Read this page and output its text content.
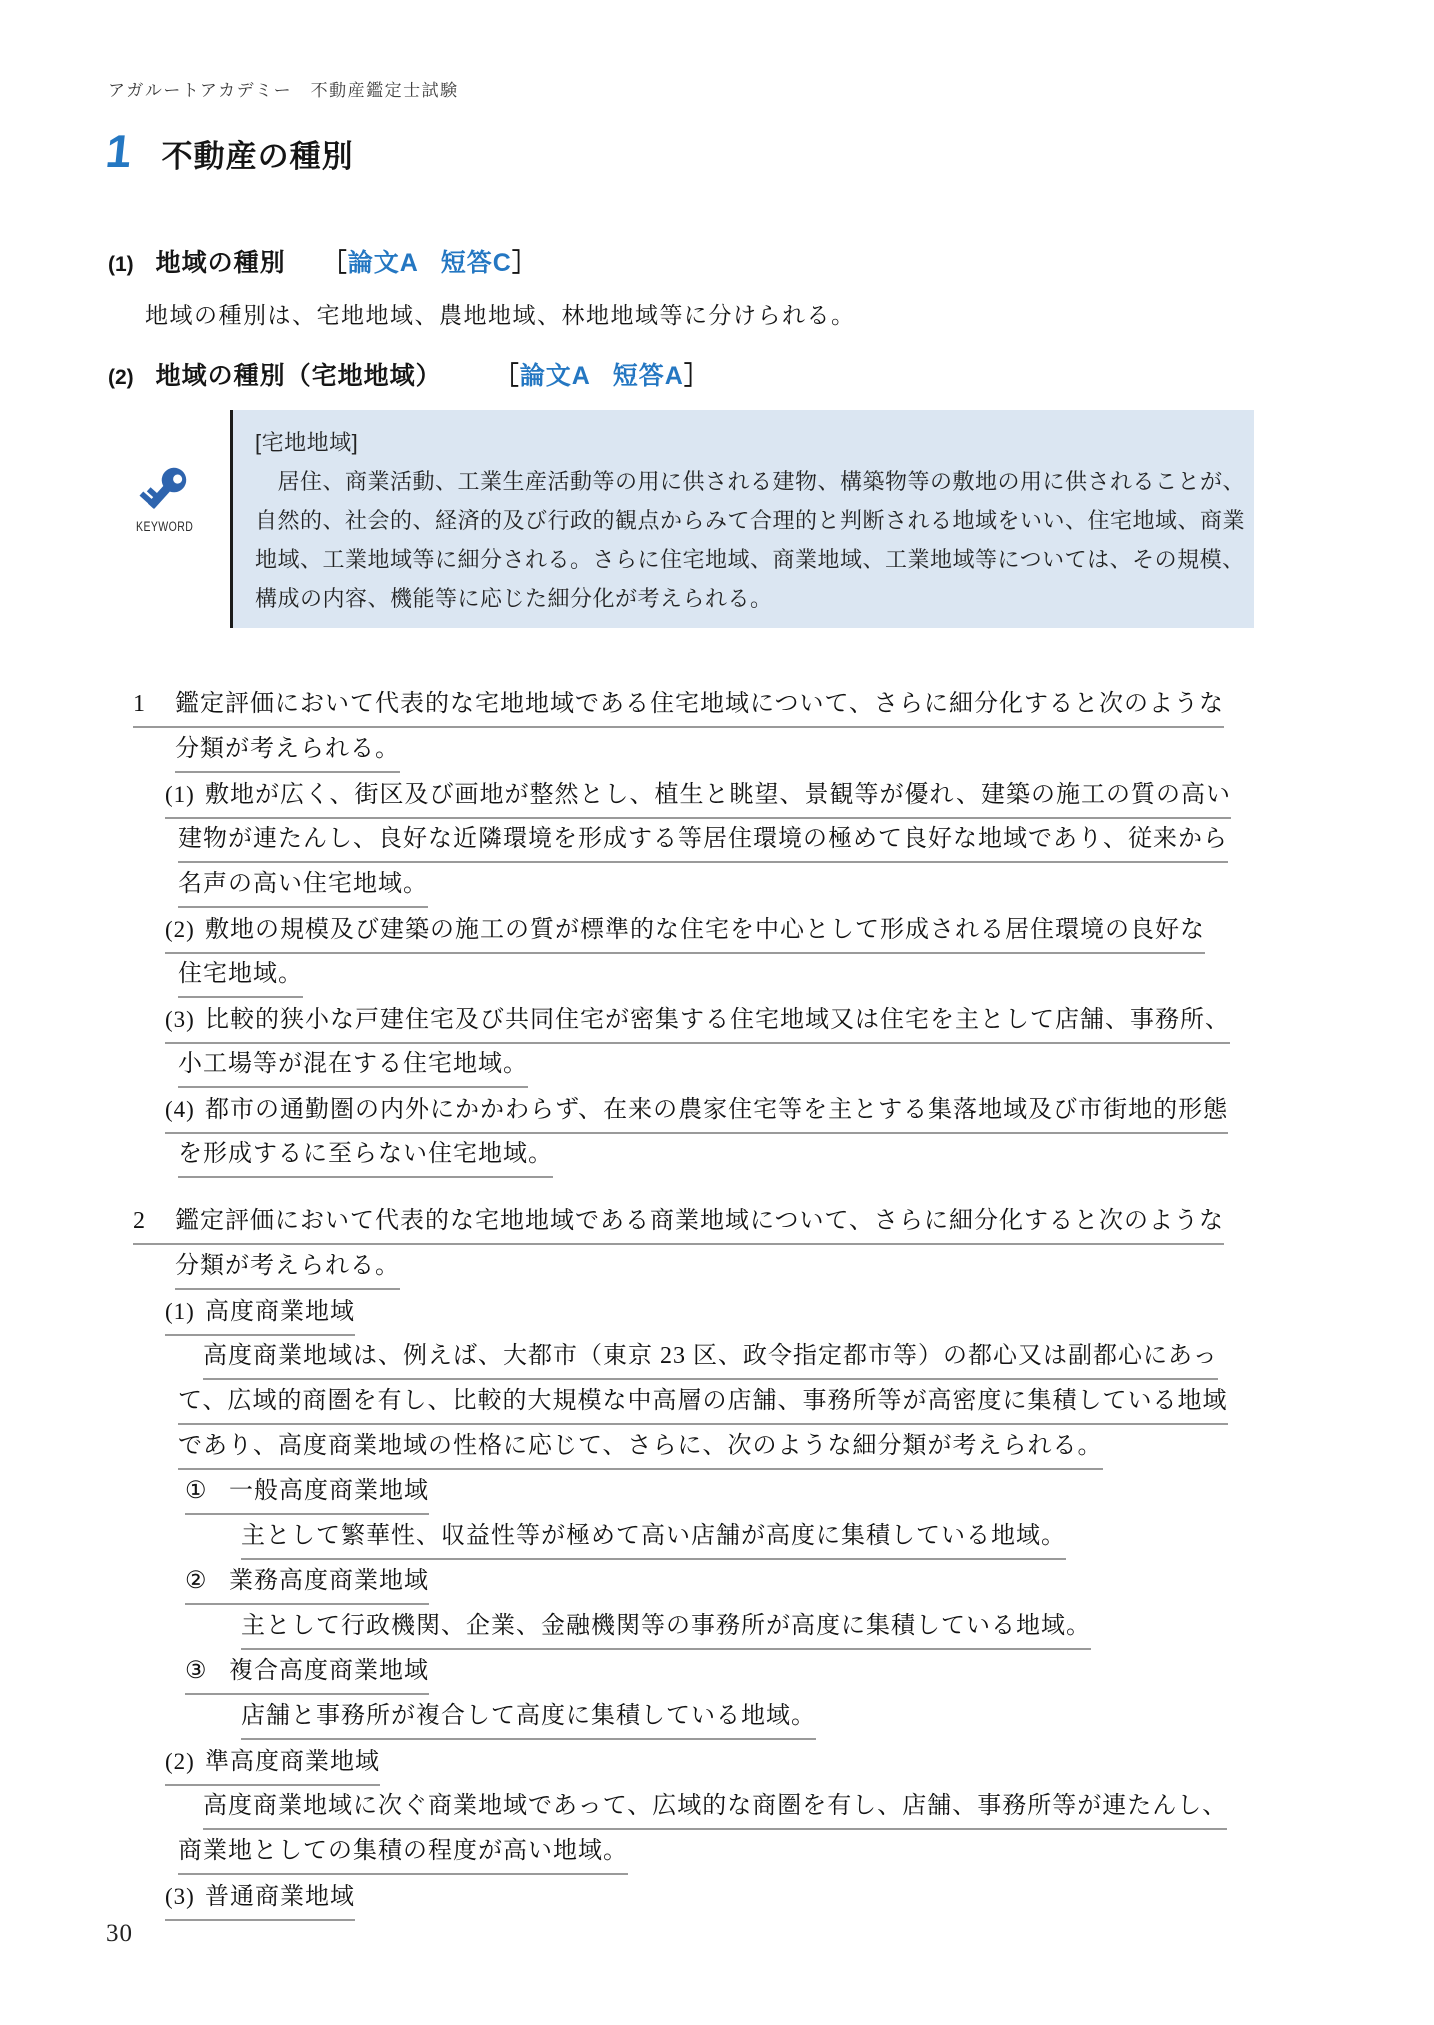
アガルートアカデミー　不動産鑑定士試験
1 不動産の種別
(1) 地域の種別 ［論文A 短答C］
地域の種別は、宅地地域、農地地域、林地地域等に分けられる。
(2) 地域の種別（宅地地域） ［論文A 短答A］
KEYWORD
[宅地地域]
　居住、商業活動、工業生産活動等の用に供される建物、構築物等の敷地の用に供されることが、
自然的、社会的、経済的及び行政的観点からみて合理的と判断される地域をいい、住宅地域、商業
地域、工業地域等に細分される。さらに住宅地域、商業地域、工業地域等については、その規模、
構成の内容、機能等に応じた細分化が考えられる。
1 鑑定評価において代表的な宅地地域である住宅地域について、さらに細分化すると次のような
分類が考えられる。
(1) 敷地が広く、街区及び画地が整然とし、植生と眺望、景観等が優れ、建築の施工の質の高い
建物が連たんし、良好な近隣環境を形成する等居住環境の極めて良好な地域であり、従来から
名声の高い住宅地域。
(2) 敷地の規模及び建築の施工の質が標準的な住宅を中心として形成される居住環境の良好な
住宅地域。
(3) 比較的狭小な戸建住宅及び共同住宅が密集する住宅地域又は住宅を主として店舗、事務所、
小工場等が混在する住宅地域。
(4) 都市の通勤圏の内外にかかわらず、在来の農家住宅等を主とする集落地域及び市街地的形態
を形成するに至らない住宅地域。
2 鑑定評価において代表的な宅地地域である商業地域について、さらに細分化すると次のような
分類が考えられる。
(1) 高度商業地域
高度商業地域は、例えば、大都市（東京 23 区、政令指定都市等）の都心又は副都心にあっ
て、広域的商圏を有し、比較的大規模な中高層の店舗、事務所等が高密度に集積している地域
であり、高度商業地域の性格に応じて、さらに、次のような細分類が考えられる。
① 一般高度商業地域
主として繁華性、収益性等が極めて高い店舗が高度に集積している地域。
② 業務高度商業地域
主として行政機関、企業、金融機関等の事務所が高度に集積している地域。
③ 複合高度商業地域
店舗と事務所が複合して高度に集積している地域。
(2) 準高度商業地域
高度商業地域に次ぐ商業地域であって、広域的な商圏を有し、店舗、事務所等が連たんし、
商業地としての集積の程度が高い地域。
(3) 普通商業地域
30
